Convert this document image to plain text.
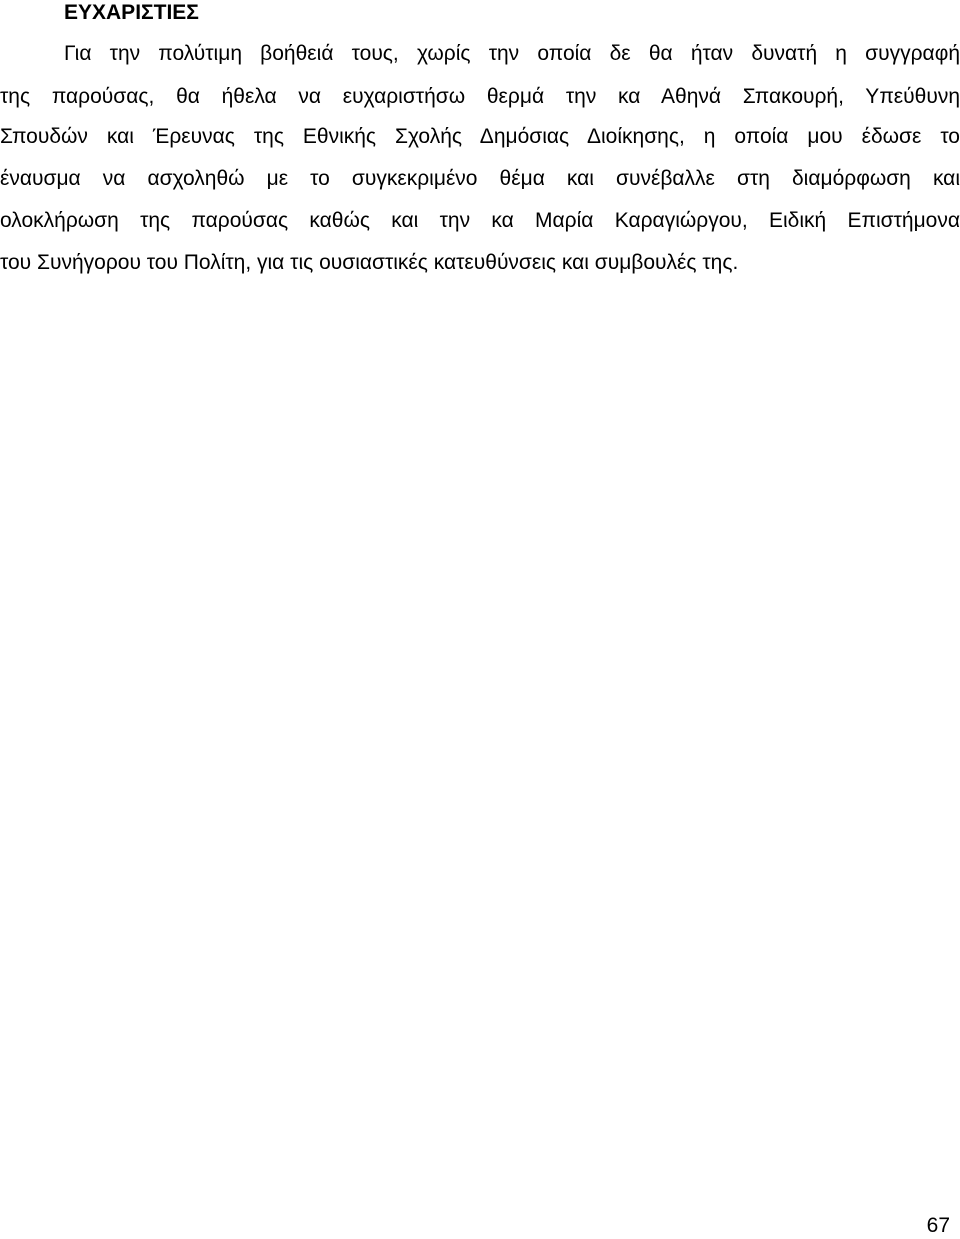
ΕΥΧΑΡΙΣΤΙΕΣ
Για την πολύτιμη βοήθειά τους, χωρίς την οποία δε θα ήταν δυνατή η συγγραφή
της παρούσας, θα ήθελα να ευχαριστήσω θερμά την κα Αθηνά Σπακουρή, Υπεύθυνη
Σπουδών και Έρευνας της Εθνικής Σχολής Δημόσιας Διοίκησης, η οποία μου έδωσε το
έναυσμα να ασχοληθώ με το συγκεκριμένο θέμα και συνέβαλλε στη διαμόρφωση και
ολοκλήρωση της παρούσας καθώς και την κα Μαρία Καραγιώργου, Ειδική Επιστήμονα
του Συνήγορου του Πολίτη, για τις ουσιαστικές κατευθύνσεις και συμβουλές της.
67
